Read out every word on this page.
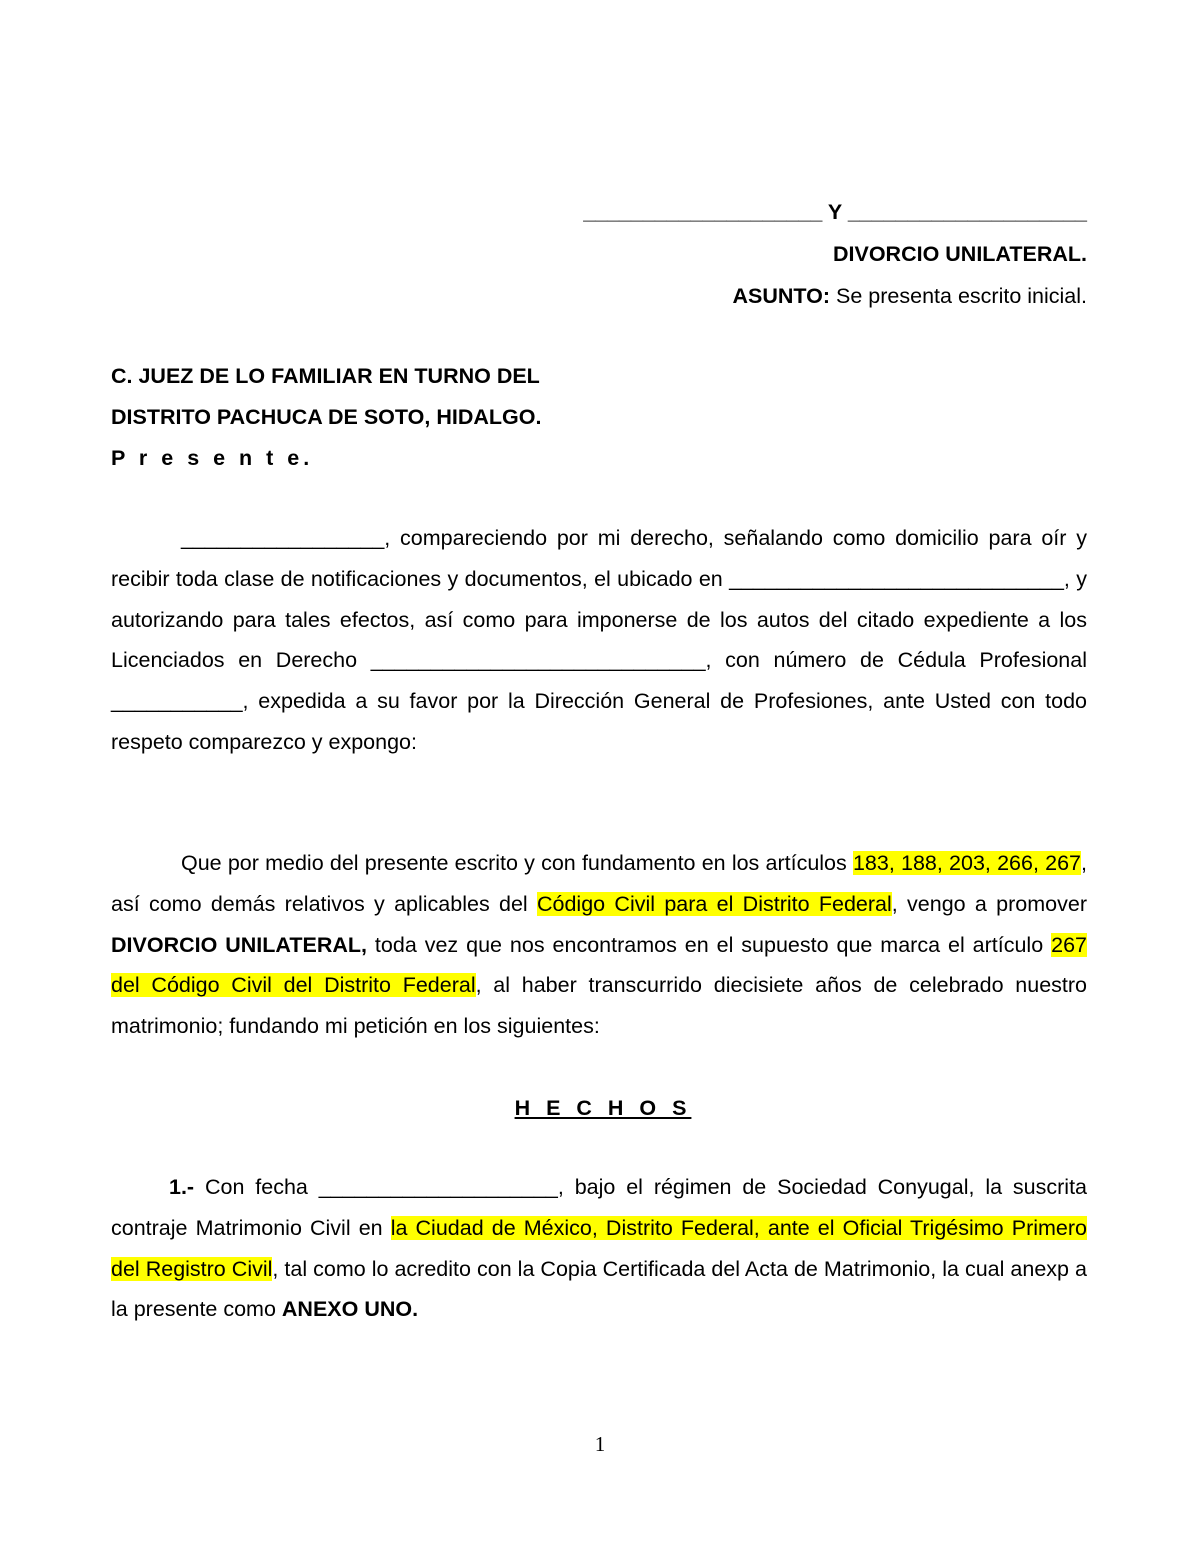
____________________ Y ____________________
DIVORCIO UNILATERAL.
ASUNTO: Se presenta escrito inicial.
C. JUEZ DE LO FAMILIAR EN TURNO DEL
DISTRITO PACHUCA DE SOTO, HIDALGO.
P r e s e n t e.

_________________, compareciendo por mi derecho, señalando como domicilio para oír y recibir toda clase de notificaciones y documentos, el ubicado en ____________________________, y autorizando para tales efectos, así como para imponerse de los autos del citado expediente a los Licenciados en Derecho ____________________________, con número de Cédula Profesional ___________, expedida a su favor por la Dirección General de Profesiones, ante Usted con todo respeto comparezco y expongo:

Que por medio del presente escrito y con fundamento en los artículos 183, 188, 203, 266, 267, así como demás relativos y aplicables del Código Civil para el Distrito Federal, vengo a promover DIVORCIO UNILATERAL, toda vez que nos encontramos en el supuesto que marca el artículo 267 del Código Civil del Distrito Federal, al haber transcurrido diecisiete años de celebrado nuestro matrimonio; fundando mi petición en los siguientes:

H E C H O S

1.- Con fecha ____________________, bajo el régimen de Sociedad Conyugal, la suscrita contraje Matrimonio Civil en la Ciudad de México, Distrito Federal, ante el Oficial Trigésimo Primero del Registro Civil, tal como lo acredito con la Copia Certificada del Acta de Matrimonio, la cual anexp a la presente como ANEXO UNO.

1
